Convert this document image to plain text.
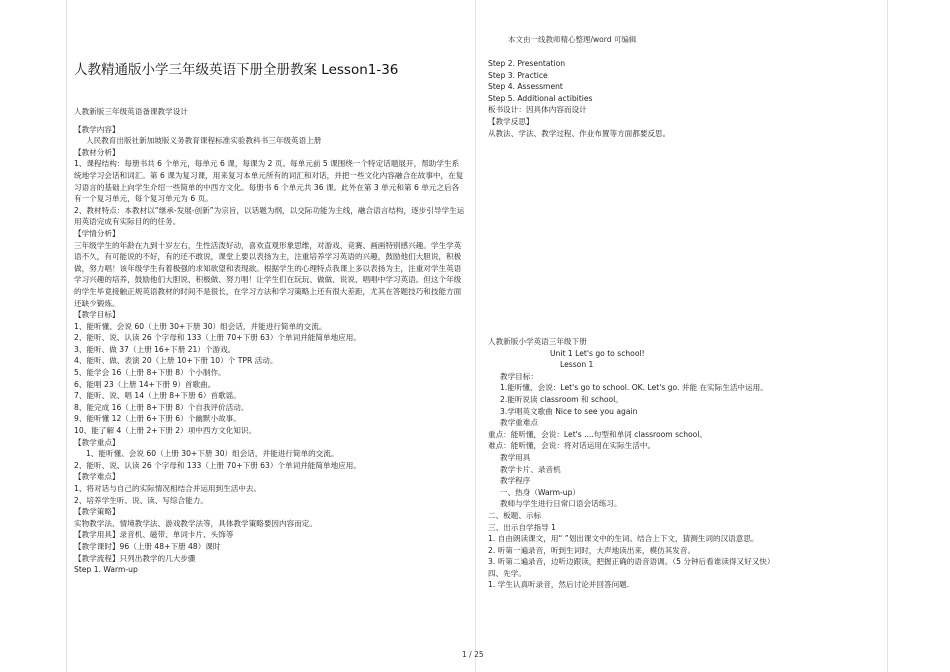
本文由一线教师精心整理/word 可编辑
人教精通版小学三年级英语下册全册教案 Lesson1-36
人教新版三年级英语备课教学设计
【教学内容】
人民教育出版社新加坡版义务教育课程标准实验教科书三年级英语上册
【教材分析】
1、课程结构：每册书共 6 个单元，每单元 6 课，每课为 2 页。每单元前 5 课围绕一个特定话题展开，帮助学生系统地学习会话和词汇。第 6 课为复习课，用来复习本单元所有的词汇和对话，并把一些文化内容融合在故事中，在复习语言的基础上向学生介绍一些简单的中西方文化。每册书 6 个单元共 36 课。此外在第 3 单元和第 6 单元之后各有一个复习单元，每个复习单元为 6 页。
2、教材特点：本教材以“继承-发展-创新”为宗旨，以话题为纲，以交际功能为主线，融合语言结构，逐步引导学生运用英语完成有实际目的的任务。
【学情分析】
三年级学生的年龄在九到十岁左右，生性活泼好动，喜欢直观形象思维，对游戏、竞赛、画画特别感兴趣。学生学英语不久，有可能说的不好，有的还不敢说，课堂上要以表扬为主，注重培养学习英语的兴趣，鼓励他们大胆说，积极做，努力唱！该年级学生有着极强的求知欲望和表现欲。根据学生的心理特点我课上多以表扬为主，注重对学生英语学习兴趣的培养，鼓励他们大胆说、积极做、努力唱！让学生们在玩玩、做做、说说、唱唱中学习英语。但这个年级的学生毕竟接触正规英语教材的时间不是很长，在学习方法和学习策略上还有很大差距，尤其在答题技巧和技能方面还缺少锻炼。
【教学目标】
1、能听懂、会说 60（上册 30+下册 30）组会话，并能进行简单的交流。
2、能听、说、认读 26 个字母和 133（上册 70+下册 63）个单词并能简单地应用。
3、能听、做 37（上册 16+下册 21）个游戏。
4、能听、做、表演 20（上册 10+下册 10）个 TPR 活动。
5、能学会 16（上册 8+下册 8）个小制作。
6、能唱 23（上册 14+下册 9）首歌曲。
7、能听、说、唱 14（上册 8+下册 6）首歌谣。
8、能完成 16（上册 8+下册 8）个自我评价活动。
9、能听懂 12（上册 6+下册 6）个幽默小故事。
10、能了解 4（上册 2+下册 2）项中西方文化知识。
【教学重点】
1、能听懂、会说 60（上册 30+下册 30）组会话，并能进行简单的交流。
2、能听、说、认读 26 个字母和 133（上册 70+下册 63）个单词并能简单地应用。
【教学难点】
1、将对话与自己的实际情况相结合并运用到生活中去。
2、培养学生听、说、读、写综合能力。
【教学策略】
实物教学法、情境教学法、游戏教学法等，具体教学策略要因内容而定。
【教学用具】录音机、磁带、单词卡片、头饰等
【教学课时】96（上册 48+下册 48）课时
【教学流程】只列出教学的几大步骤
Step 1. Warm-up
Step 2. Presentation
Step 3. Practice
Step 4. Assessment
Step 5. Additional actibities
板书设计：因具体内容而设计
【教学反思】
从教法、学法、教学过程、作业布置等方面都要反思。
人教新版小学英语三年级下册
Unit 1 Let's go to school!
Lesson 1
教学目标：
1.能听懂、会说：Let's go to school. OK. Let's go. 并能 在实际生活中运用。
2.能听说读 classroom 和 school。
3.学唱英文歌曲 Nice to see you again
教学重难点
重点：能听懂，会说：Let's ....句型和单词 classroom school。
难点：能听懂，会说：将对话运用在实际生活中。
教学用具
教学卡片、录音机
教学程序
一、热身（Warm-up）
教师与学生进行日常口语会话练习。
二、板题、示标
三、出示自学指导 1
1. 自由朗读课文，用“ ”划出课文中的生词。结合上下文，猜测生词的汉语意思。
2. 听第一遍录音，听到生词时，大声地读出来，模仿其发音。
3. 听第二遍录音，边听边跟读，把握正确的语音语调。（5 分钟后看谁读得又好又快）
四、先学。
1. 学生认真听录音，然后讨论并回答问题.
1 / 25
